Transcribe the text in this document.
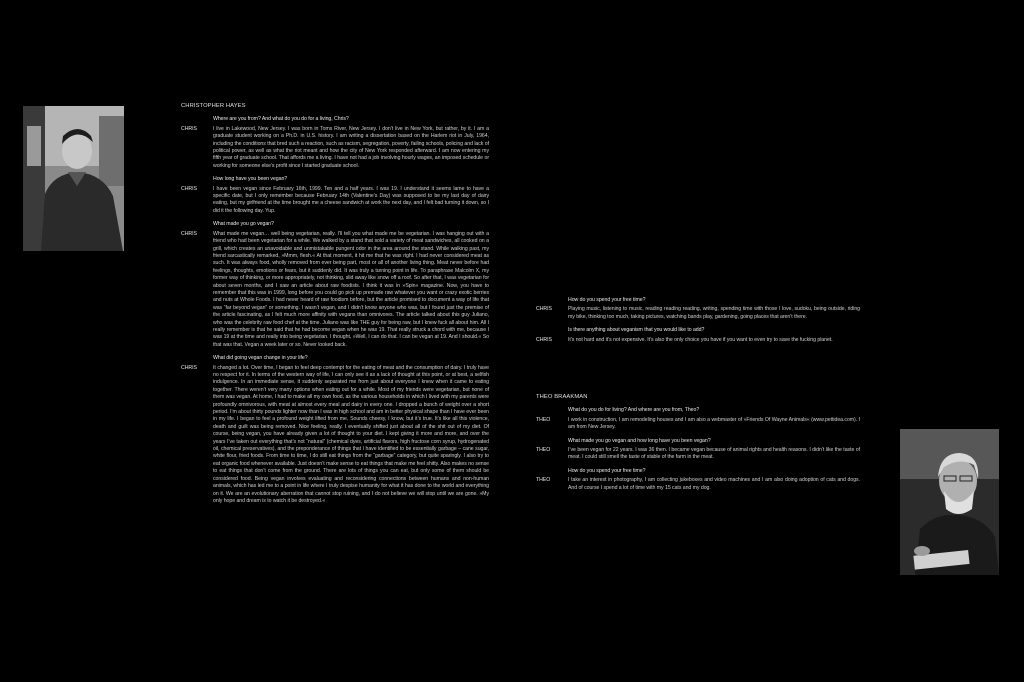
CHRISTOPHER HAYES
Where are you from? And what do you do for a living, Chris?
CHRIS	I live in Lakewood, New Jersey. I was born in Toms River, New Jersey. I don’t live in New York, but rather, by it. I am a graduate student working on a Ph.D. in U.S. history. I am writing a dissertation based on the Harlem riot in July, 1964, including the conditions that bred such a reaction, such as racism, segregation, poverty, failing schools, policing and lack of political power, as well as what the riot meant and how the city of New York responded afterward. I am now entering my fifth year of graduate school. That affords me a living. I have not had a job involving hourly wages, an imposed schedule or working for someone else’s profit since I started graduate school.

How long have you been vegan?
CHRIS	I have been vegan since February 16th, 1999. Ten and a half years. I was 19. I understand it seems lame to have a specific date, but I only remember because February 14th (Valentine’s Day) was supposed to be my last day of dairy eating, but my girlfriend at the time brought me a cheese sandwich at work the next day, and I felt bad turning it down, so I did it the following day. Yup.

What made you go vegan?
CHRIS	What made me vegan… well being vegetarian, really. I’ll tell you what made me be vegetarian. I was hanging out with a friend who had been vegetarian for a while. We walked by a stand that sold a variety of meat sandwiches, all cooked on a grill, which creates an unavoidable and unmistakable pungent odor in the area around the stand. While walking past, my friend sarcastically remarked, »Mmm, flesh.« At that moment, it hit me that he was right. I had never considered meat as such. It was always food, wholly removed from ever being part, most or all of another living thing. Meat never before had feelings, thoughts, emotions or fears, but it suddenly did. It was truly a turning point in life. To paraphrase Malcolm X, my former way of thinking, or more appropriately, not thinking, slid away like snow off a roof. So after that, I was vegetarian for about seven months, and I saw an article about raw foodists. I think it was in »Spin« magazine. Now, you have to remember that this was in 1999, long before you could go pick up premade raw whatever you want or crazy exotic berries and nuts at Whole Foods. I had never heard of raw foodism before, but the article promised to document a way of life that was “far beyond vegan” or something. I wasn’t vegan, and I didn’t know anyone who was, but I found just the premise of the article fascinating, as I felt much more affinity with vegans than omnivores. The article talked about this guy Juliano, who was the celebrity raw food chef at the time. Juliano was like THE guy for being raw, but I knew fuck all about him. All I really remember is that he said that he had become vegan when he was 19. That really struck a chord with me, because I was 19 at the time and really into being vegetarian. I thought, »Well, I can do that. I can be vegan at 19. And I should.« So that was that. Vegan a week later or so. Never looked back.

What did going vegan change in your life?
CHRIS	It changed a lot. Over time, I began to feel deep contempt for the eating of meat and the consumption of dairy. I truly have no respect for it. In terms of the western way of life, I can only see it as a lack of thought at this point, or at best, a selfish indulgence. In an immediate sense, it suddenly separated me from just about everyone I knew when it came to eating together. There weren’t very many options when eating out for a while. Most of my friends were vegetarian, but none of them was vegan. At home, I had to make all my own food, as the various households in which I lived with my parents were profoundly omnivorous, with meat at almost every meal and dairy in every one. I dropped a bunch of weight over a short period. I’m about thirty pounds lighter now than I was in high school and am in better physical shape than I have ever been in my life. I began to feel a profound weight lifted from me. Sounds cheesy, I know, but it’s true. It’s like all this violence, death and guilt was being removed. Nice feeling, really. I eventually shifted just about all of the shit out of my diet. Of course, being vegan, you have already given a lot of thought to your diet. I kept giving it more and more, and over the years I’ve taken out everything that’s not “natural” (chemical dyes, artificial flavors, high fructose corn syrup, hydrogenated oil, chemical preservatives), and the preponderance of things that I have identified to be essentially garbage – cane sugar, white flour, fried foods. From time to time, I do still eat things from the “garbage” category, but quite sparingly. I also try to eat organic food whenever available. Just doesn’t make sense to eat things that make me feel shitty. Also makes no sense to eat things that don’t come from the ground. There are lots of things you can eat, but only some of them should be considered food. Being vegan involves evaluating and reconsidering connections between humans and non-human animals, which has led me to a point in life where I truly despise humanity for what it has done to the world and everything on it. We are an evolutionary aberration that cannot stop ruining, and I do not believe we will stop until we are gone. »My only hope and dream is to watch it be destroyed.«

How do you spend your free time?
CHRIS	Playing music, listening to music, reading reading reading, writing, spending time with those I love, sudoku, being outside, riding my bike, thinking too much, taking pictures, watching bands play, gardening, going places that aren’t there.

Is there anything about veganism that you would like to add?
CHRIS	It’s not hard and it’s not expensive. It’s also the only choice you have if you want to even try to save the fucking planet.

THEO BRAAKMAN
What do you do for living? And where are you from, Theo?
THEO	I work in construction, I am remodeling houses and I am also a webmaster of »Friends Of Wayne Animals« (www.pettidea.com). I am from New Jersey.

What made you go vegan and how long have you been vegan?
THEO	I’ve been vegan for 22 years. I was 36 then. I became vegan because of animal rights and health reasons. I didn’t like the taste of meat. I could still smell the taste of stable of the farm in the meat.

How do you spend your free time?
THEO	I take an interest in photography, I am collecting jukeboxes and video machines and I am also doing adoption of cats and dogs. And of course I spend a lot of time with my 15 cats and my dog.
